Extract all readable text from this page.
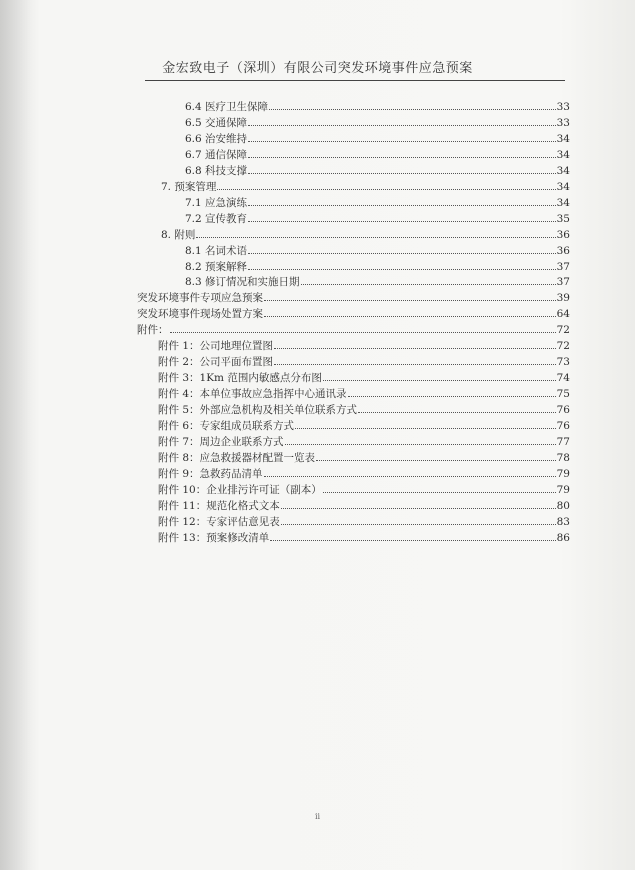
金宏致电子（深圳）有限公司突发环境事件应急预案
6.4 医疗卫生保障	33
6.5 交通保障	33
6.6 治安维持	34
6.7 通信保障	34
6.8 科技支撑	34
7. 预案管理	34
7.1 应急演练	34
7.2 宣传教育	35
8. 附则	36
8.1 名词术语	36
8.2 预案解释	37
8.3 修订情况和实施日期	37
突发环境事件专项应急预案	39
突发环境事件现场处置方案	64
附件：	72
附件 1：公司地理位置图	72
附件 2：公司平面布置图	73
附件 3：1Km 范围内敏感点分布图	74
附件 4：本单位事故应急指挥中心通讯录	75
附件 5：外部应急机构及相关单位联系方式	76
附件 6：专家组成员联系方式	76
附件 7：周边企业联系方式	77
附件 8：应急救援器材配置一览表	78
附件 9：急救药品清单	79
附件 10：企业排污许可证（副本）	79
附件 11：规范化格式文本	80
附件 12：专家评估意见表	83
附件 13：预案修改清单	86
ii
